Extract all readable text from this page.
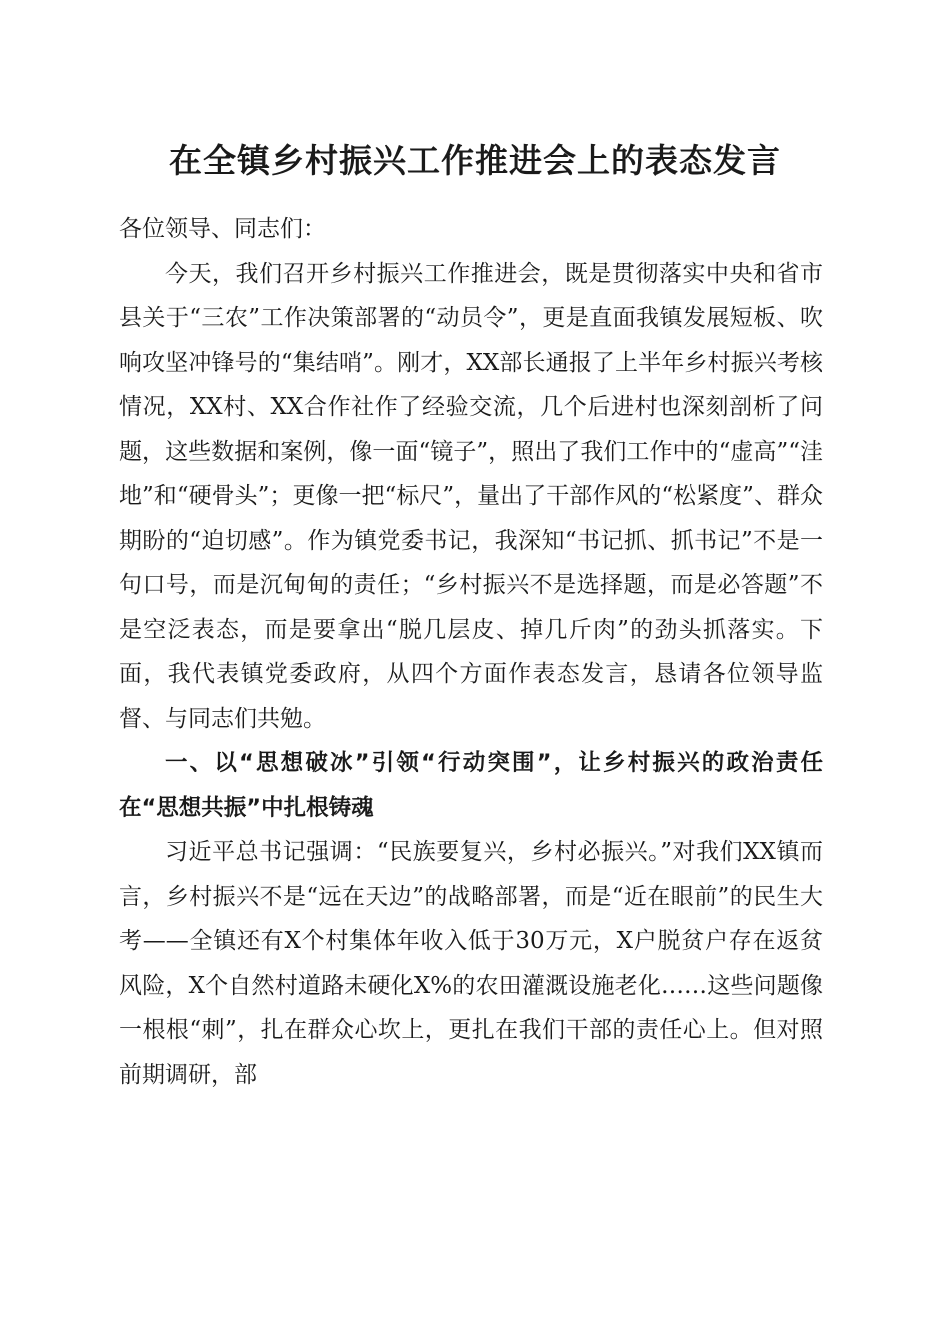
在全镇乡村振兴工作推进会上的表态发言

各位领导、同志们：

今天，我们召开乡村振兴工作推进会，既是贯彻落实中央和省市县关于“三农”工作决策部署的“动员令”，更是直面我镇发展短板、吹响攻坚冲锋号的“集结哨”。刚才，XX部长通报了上半年乡村振兴考核情况，XX村、XX合作社作了经验交流，几个后进村也深刻剖析了问题，这些数据和案例，像一面“镜子”，照出了我们工作中的“虚高”“洼地”和“硬骨头”；更像一把“标尺”，量出了干部作风的“松紧度”、群众期盼的“迫切感”。作为镇党委书记，我深知“书记抓、抓书记”不是一句口号，而是沉甸甸的责任；“乡村振兴不是选择题，而是必答题”不是空泛表态，而是要拿出“脱几层皮、掉几斤肉”的劲头抓落实。下面，我代表镇党委政府，从四个方面作表态发言，恳请各位领导监督、与同志们共勉。

一、以“思想破冰”引领“行动突围”，让乡村振兴的政治责任在“思想共振”中扎根铸魂

习近平总书记强调：“民族要复兴，乡村必振兴。”对我们XX镇而言，乡村振兴不是“远在天边”的战略部署，而是“近在眼前”的民生大考——全镇还有X个村集体年收入低于30万元，X户脱贫户存在返贫风险，X个自然村道路未硬化X%的农田灌溉设施老化……这些问题像一根根“刺”，扎在群众心坎上，更扎在我们干部的责任心上。但对照前期调研，部
